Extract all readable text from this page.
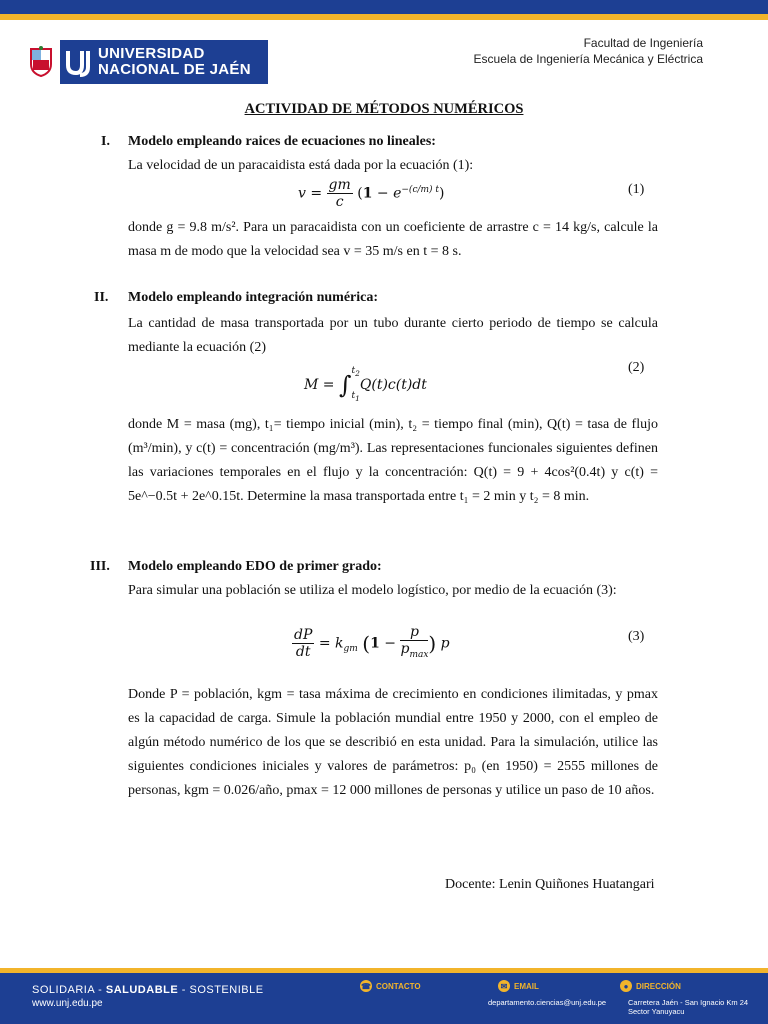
UNIVERSIDAD
NACIONAL DE JAÉN
Facultad de Ingeniería
Escuela de Ingeniería Mecánica y Eléctrica
ACTIVIDAD DE MÉTODOS NUMÉRICOS
I. Modelo empleando raices de ecuaciones no lineales:
La velocidad de un paracaidista está dada por la ecuación (1):
$v = \frac{gm}{c} (1 - e^{-(c/m) t})$	(1)
donde g = 9.8 m/s². Para un paracaidista con un coeficiente de arrastre c = 14 kg/s, calcule la masa m de modo que la velocidad sea v = 35 m/s en t = 8 s.
II. Modelo empleando integración numérica:
La cantidad de masa transportada por un tubo durante cierto periodo de tiempo se calcula mediante la ecuación (2)
M = ∫ $t_2$
$t_1$
Q(t)c(t)dt
(2)
donde M = masa (mg), t₁= tiempo inicial (min), t₂ = tiempo final (min), Q(t) = tasa de flujo (m³/min), y c(t) = concentración (mg/m³). Las representaciones funcionales siguientes definen las variaciones temporales en el flujo y la concentración: Q(t) = 9 + 4cos²(0.4t) y c(t) = 5e^−0.5t + 2e^0.15t. Determine la masa transportada entre t₁ = 2 min y t₂ = 8 min.
III. Modelo empleando EDO de primer grado:
Para simular una población se utiliza el modelo logístico, por medio de la ecuación (3):
$\frac{dP}{dt} = k_{gm}$ ($1 - \frac{p}{p_{max}}$ ) p	(3)
Donde P = población, kgm = tasa máxima de crecimiento en condiciones ilimitadas, y pmax es la capacidad de carga. Simule la población mundial entre 1950 y 2000, con el empleo de algún método numérico de los que se describió en esta unidad. Para la simulación, utilice las siguientes condiciones iniciales y valores de parámetros: p₀ (en 1950) = 2555 millones de personas, kgm = 0.026/año, pmax = 12 000 millones de personas y utilice un paso de 10 años.
Docente: Lenin Quiñones Huatangari
SOLIDARIA - SALUDABLE - SOSTENIBLE
www.unj.edu.pe
☎ CONTACTO	✉ EMAIL
departamento.ciencias@unj.edu.pe
● DIRECCIÓN
Carretera Jaén - San Ignacio Km 24 Sector Yanuyacu
